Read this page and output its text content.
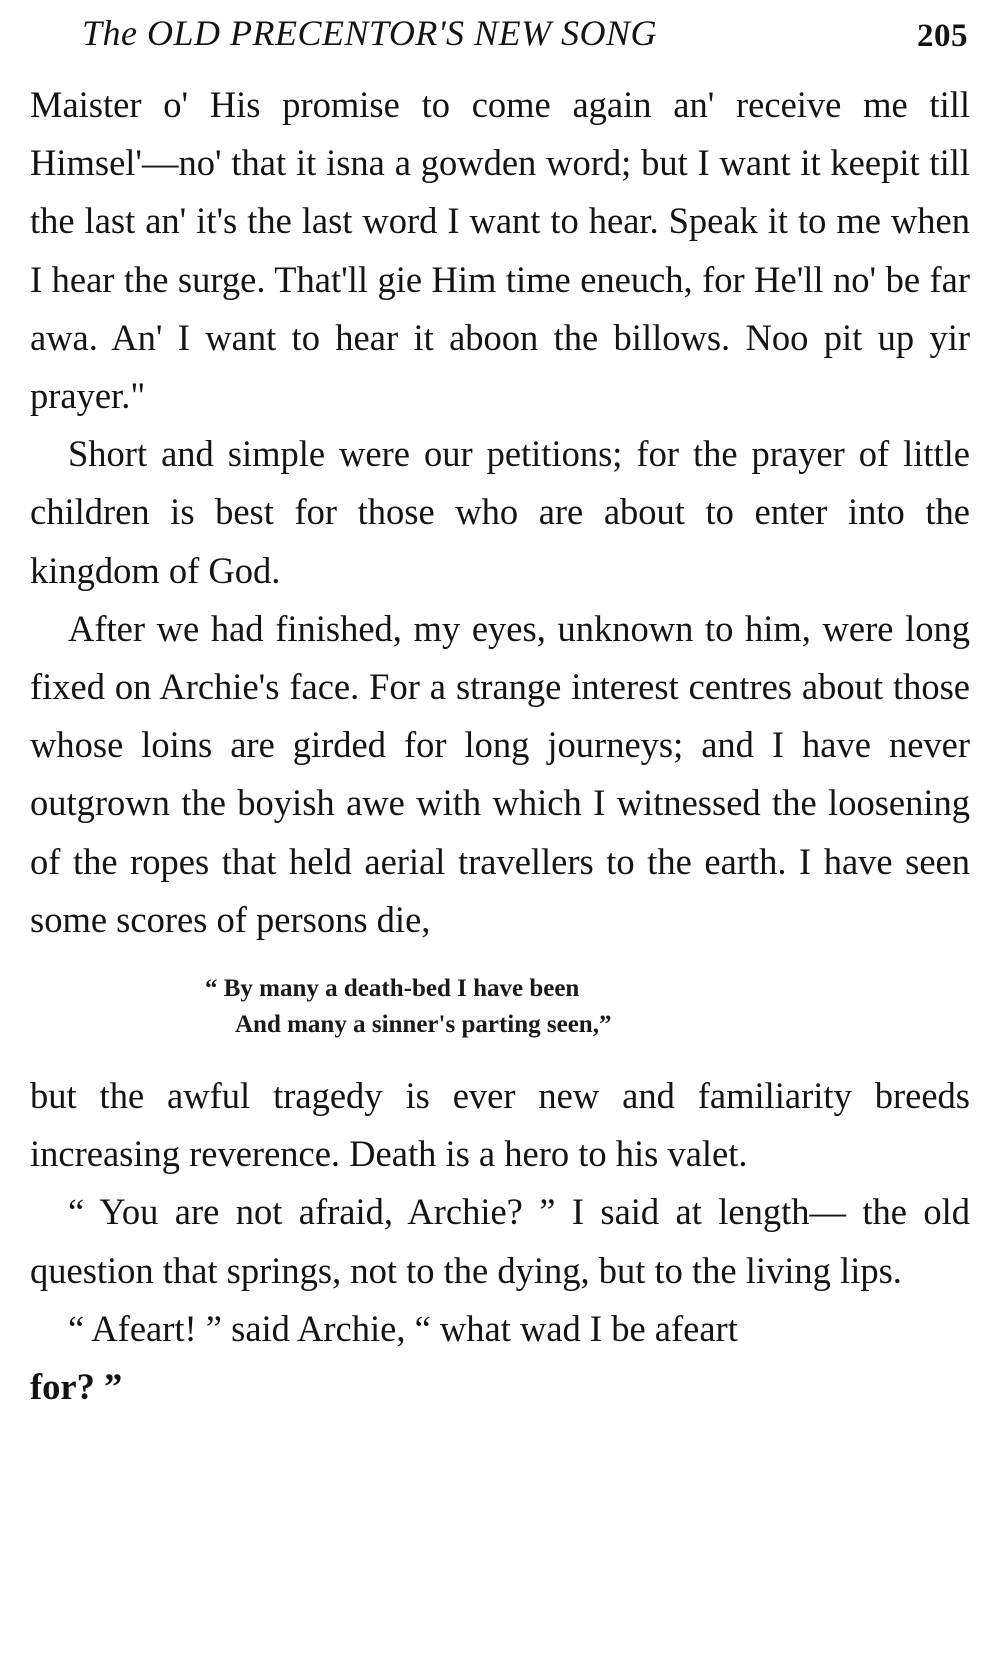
The OLD PRECENTOR'S NEW SONG	205

Maister o' His promise to come again an' receive me till Himsel'—no' that it isna a gowden word; but I want it keepit till the last an' it's the last word I want to hear. Speak it to me when I hear the surge. That'll gie Him time eneuch, for He'll no' be far awa. An' I want to hear it aboon the billows. Noo pit up yir prayer."

Short and simple were our petitions; for the prayer of little children is best for those who are about to enter into the kingdom of God.

After we had finished, my eyes, unknown to him, were long fixed on Archie's face. For a strange interest centres about those whose loins are girded for long journeys; and I have never outgrown the boyish awe with which I witnessed the loosening of the ropes that held aerial travellers to the earth. I have seen some scores of persons die,

“ By many a death-bed I have been
And many a sinner's parting seen,”

but the awful tragedy is ever new and familiarity breeds increasing reverence. Death is a hero to his valet.

“ You are not afraid, Archie? ” I said at length— the old question that springs, not to the dying, but to the living lips.

“ Afeart! ” said Archie, “ what wad I be afeart
for? ”
